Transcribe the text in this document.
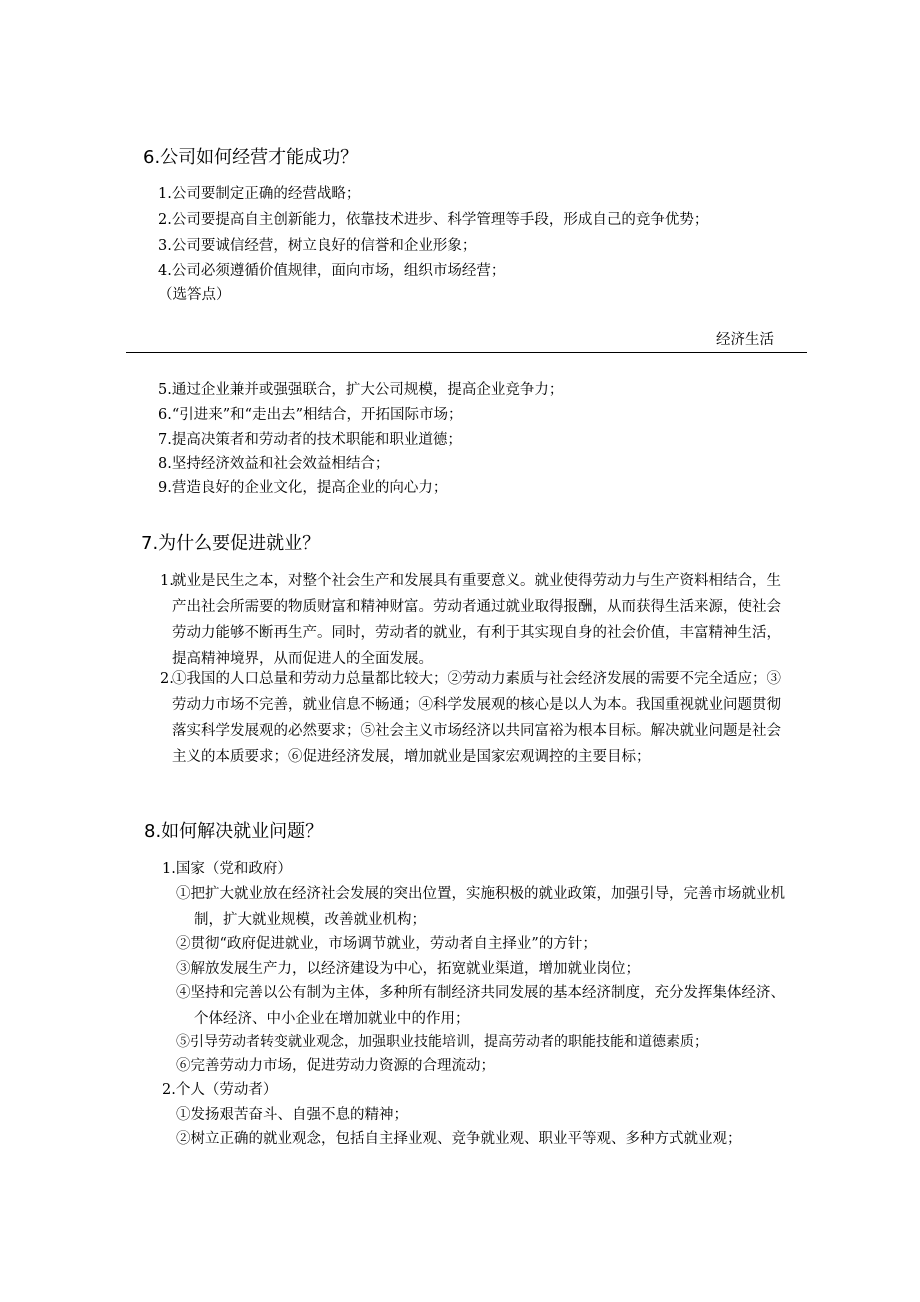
6.公司如何经营才能成功？
1.公司要制定正确的经营战略；
2.公司要提高自主创新能力，依靠技术进步、科学管理等手段，形成自己的竞争优势；
3.公司要诚信经营，树立良好的信誉和企业形象；
4.公司必须遵循价值规律，面向市场，组织市场经营；
（选答点）
经济生活
5.通过企业兼并或强强联合，扩大公司规模，提高企业竞争力；
6.“引进来”和“走出去”相结合，开拓国际市场；
7.提高决策者和劳动者的技术职能和职业道德；
8.坚持经济效益和社会效益相结合；
9.营造良好的企业文化，提高企业的向心力；
7.为什么要促进就业？
1.
就业是民生之本，对整个社会生产和发展具有重要意义。就业使得劳动力与生产资料相结合，生产出社会所需要的物质财富和精神财富。劳动者通过就业取得报酬，从而获得生活来源，使社会劳动力能够不断再生产。同时，劳动者的就业，有利于其实现自身的社会价值，丰富精神生活，提高精神境界，从而促进人的全面发展。
2.
①我国的人口总量和劳动力总量都比较大；②劳动力素质与社会经济发展的需要不完全适应；③劳动力市场不完善，就业信息不畅通；④科学发展观的核心是以人为本。我国重视就业问题贯彻落实科学发展观的必然要求；⑤社会主义市场经济以共同富裕为根本目标。解决就业问题是社会主义的本质要求；⑥促进经济发展，增加就业是国家宏观调控的主要目标；
8.如何解决就业问题？
1.国家（党和政府）
①把扩大就业放在经济社会发展的突出位置，实施积极的就业政策，加强引导，完善市场就业机制，扩大就业规模，改善就业机构；
②贯彻“政府促进就业，市场调节就业，劳动者自主择业”的方针；
③解放发展生产力，以经济建设为中心，拓宽就业渠道，增加就业岗位；
④坚持和完善以公有制为主体，多种所有制经济共同发展的基本经济制度，充分发挥集体经济、个体经济、中小企业在增加就业中的作用；
⑤引导劳动者转变就业观念，加强职业技能培训，提高劳动者的职能技能和道德素质；
⑥完善劳动力市场，促进劳动力资源的合理流动；
2.个人（劳动者）
①发扬艰苦奋斗、自强不息的精神；
②树立正确的就业观念，包括自主择业观、竞争就业观、职业平等观、多种方式就业观；
